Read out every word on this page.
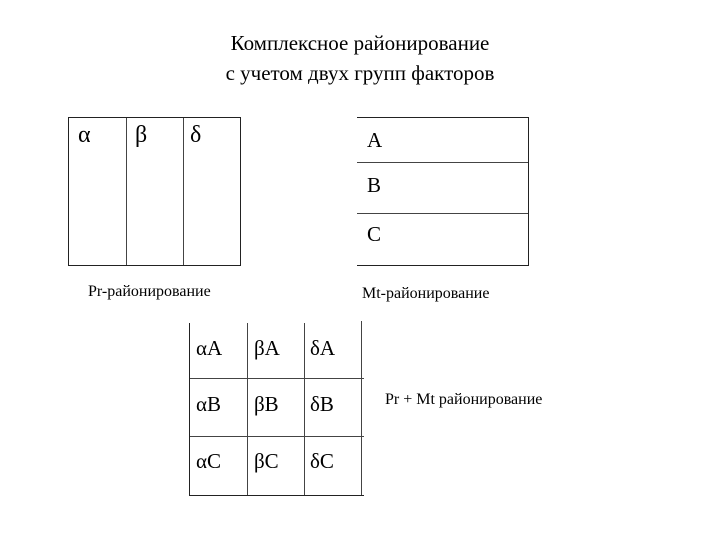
Комплексное районирование
с учетом двух групп факторов
α β δ
Pr-районирование
A
B
C
Mt-районирование
αA βA δA
αB βB δB
αC βC δC
Pr + Mt районирование
